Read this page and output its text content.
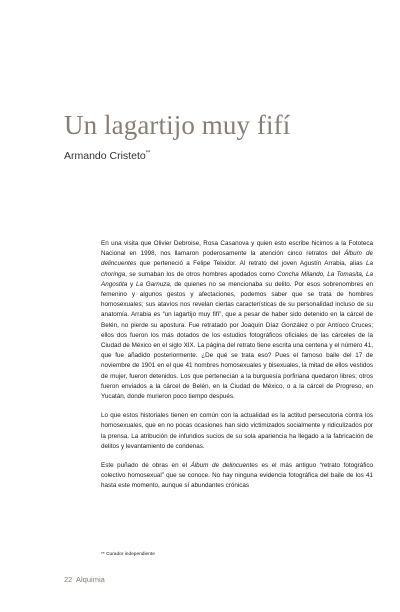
Un lagartijo muy fifí
Armando Cristeto**

En una visita que Olivier Debroise, Rosa Casanova y quien esto escribe hicimos a la Fototeca Nacional en 1998, nos llamaron poderosamente la atención cinco retratos del Álbum de delincuentes que perteneció a Felipe Teixidor. Al retrato del joven Agustín Arrabia, alias La choringa, se sumaban los de otros hombres apodados como Concha Milando, La Tomasita, La Angostita y La Garnuza, de quienes no se mencionaba su delito. Por esos sobrenombres en femenino y algunos gestos y afectaciones, podemos saber que se trata de hombres homosexuales; sus atavíos nos revelan ciertas características de su personalidad incluso de su anatomía. Arrabia es “un lagartijo muy fifí”, que a pesar de haber sido detenido en la cárcel de Belén, no pierde su apostura. Fue retratado por Joaquín Díaz González o por Antíoco Cruces; ellos dos fueron los más dotados de los estudios fotográficos oficiales de las cárceles de la Ciudad de México en el siglo XIX. La página del retrato tiene escrita una centena y el número 41, que fue añadido posteriormente. ¿De qué se trata eso? Pues el famoso baile del 17 de noviembre de 1901 en el que 41 hombres homosexuales y bisexuales, la mitad de ellos vestidos de mujer, fueron detenidos. Los que pertenecían a la burguesía porfiriana quedaron libres; otros fueron enviados a la cárcel de Belén, en la Ciudad de México, o a la cárcel de Progreso, en Yucatán, donde murieron poco tiempo después.

Lo que estos historiales tienen en común con la actualidad es la actitud persecutoria contra los homosexuales, que en no pocas ocasiones han sido victimizados socialmente y ridiculizados por la prensa. La atribución de infundios sucios de su sola apariencia ha llegado a la fabricación de delitos y levantamiento de condenas.

Este puñado de obras en el Álbum de delincuentes es el más antiguo “retrato fotográfico colectivo homosexual” que se conoce. No hay ninguna evidencia fotográfica del baile de los 41 hasta este momento, aunque sí abundantes crónicas

** Curador independiente
22 Alquimia
